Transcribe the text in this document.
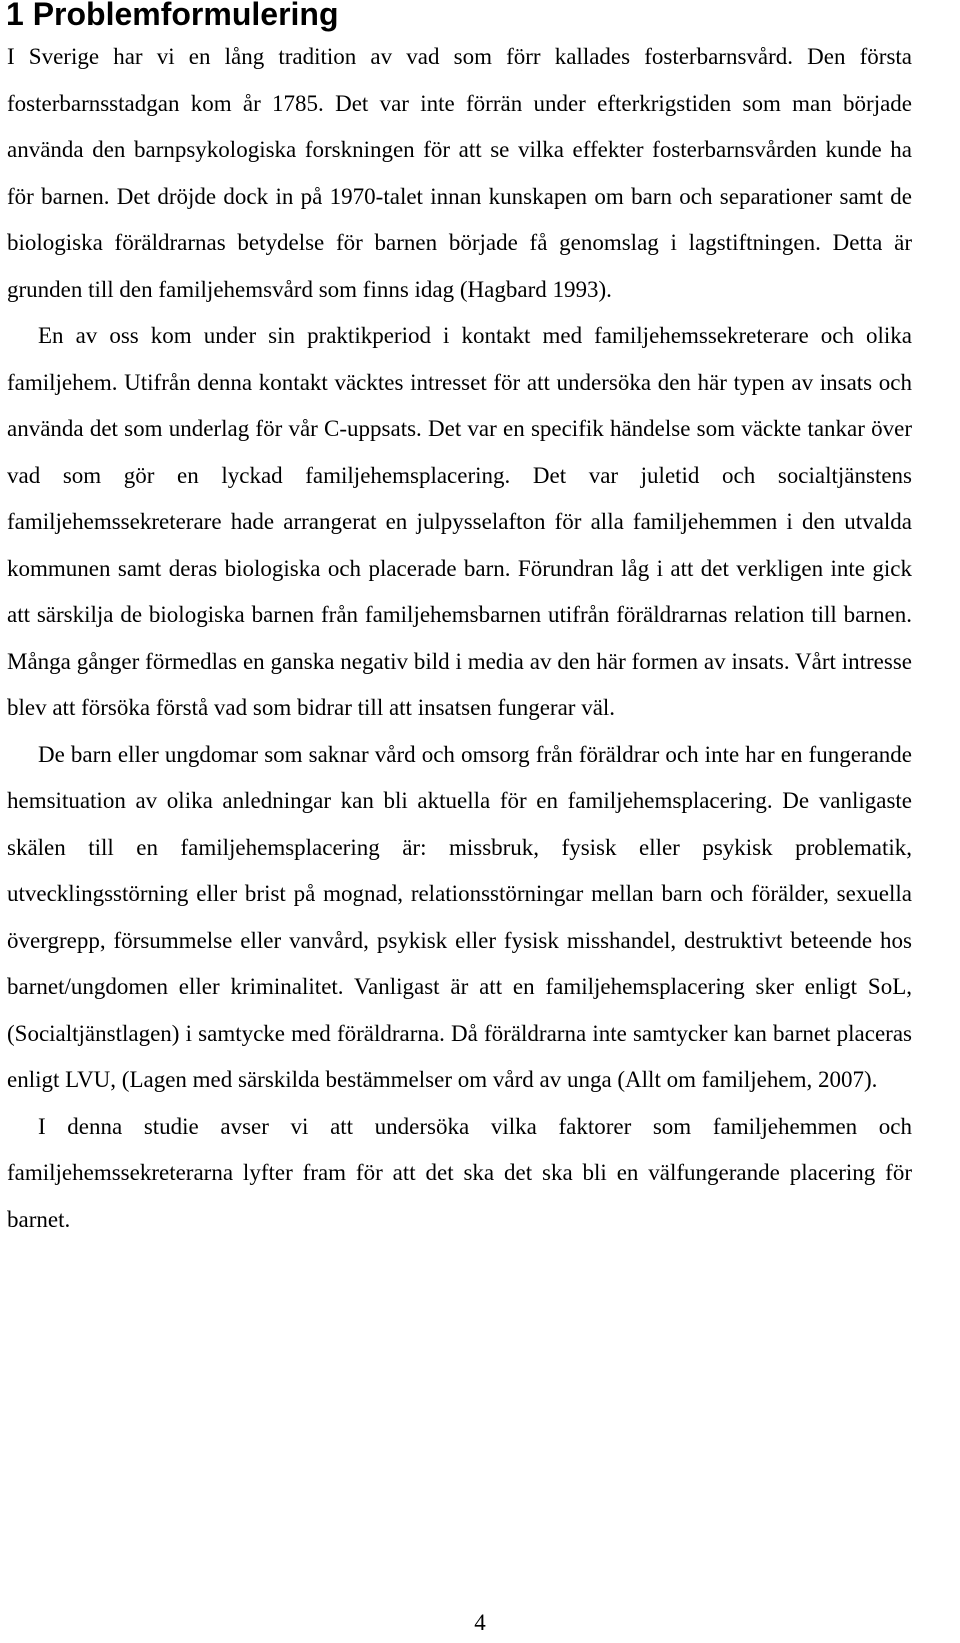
1 Problemformulering

I Sverige har vi en lång tradition av vad som förr kallades fosterbarnsvård. Den första fosterbarnsstadgan kom år 1785. Det var inte förrän under efterkrigstiden som man började använda den barnpsykologiska forskningen för att se vilka effekter fosterbarnsvården kunde ha för barnen. Det dröjde dock in på 1970-talet innan kunskapen om barn och separationer samt de biologiska föräldrarnas betydelse för barnen började få genomslag i lagstiftningen. Detta är grunden till den familjehemsvård som finns idag (Hagbard 1993).

En av oss kom under sin praktikperiod i kontakt med familjehemssekreterare och olika familjehem. Utifrån denna kontakt väcktes intresset för att undersöka den här typen av insats och använda det som underlag för vår C-uppsats. Det var en specifik händelse som väckte tankar över vad som gör en lyckad familjehemsplacering. Det var juletid och socialtjänstens familjehemssekreterare hade arrangerat en julpysselafton för alla familjehemmen i den utvalda kommunen samt deras biologiska och placerade barn. Förundran låg i att det verkligen inte gick att särskilja de biologiska barnen från familjehemsbarnen utifrån föräldrarnas relation till barnen. Många gånger förmedlas en ganska negativ bild i media av den här formen av insats. Vårt intresse blev att försöka förstå vad som bidrar till att insatsen fungerar väl.

De barn eller ungdomar som saknar vård och omsorg från föräldrar och inte har en fungerande hemsituation av olika anledningar kan bli aktuella för en familjehemsplacering. De vanligaste skälen till en familjehemsplacering är: missbruk, fysisk eller psykisk problematik, utvecklingsstörning eller brist på mognad, relationsstörningar mellan barn och förälder, sexuella övergrepp, försummelse eller vanvård, psykisk eller fysisk misshandel, destruktivt beteende hos barnet/ungdomen eller kriminalitet. Vanligast är att en familjehemsplacering sker enligt SoL, (Socialtjänstlagen) i samtycke med föräldrarna. Då föräldrarna inte samtycker kan barnet placeras enligt LVU, (Lagen med särskilda bestämmelser om vård av unga (Allt om familjehem, 2007).

I denna studie avser vi att undersöka vilka faktorer som familjehemmen och familjehemssekreterarna lyfter fram för att det ska det ska bli en välfungerande placering för barnet.

4
